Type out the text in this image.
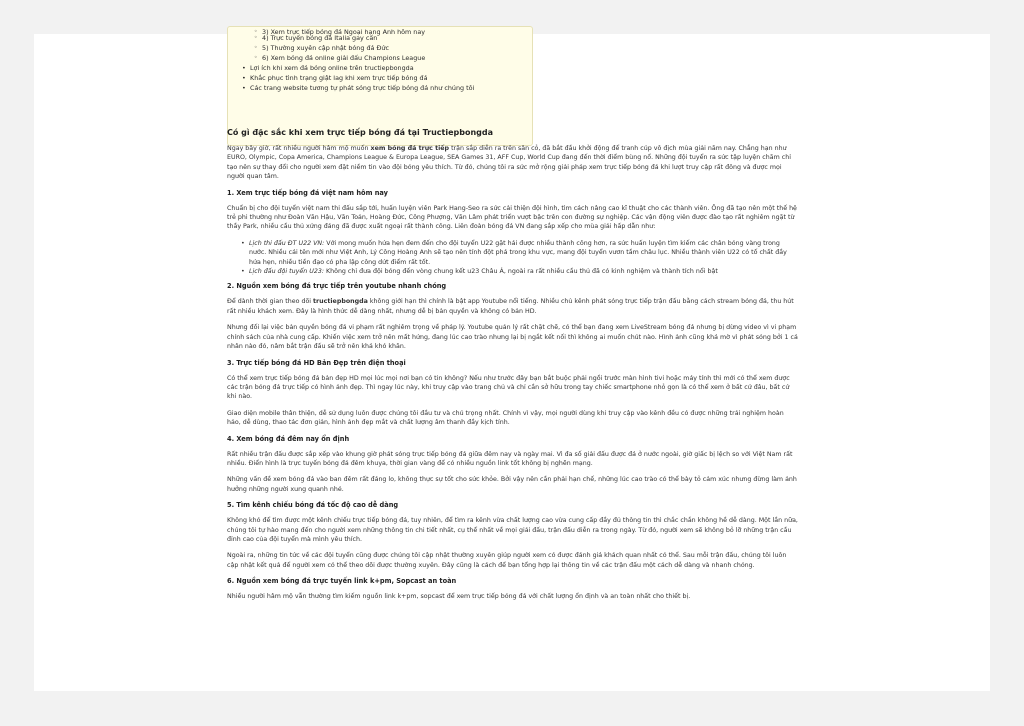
◦ 3) Xem trực tiếp bóng đá Ngoại hạng Anh hôm nay
◦ 4) Trực tuyến bóng đá Italia gay cấn
◦ 5) Thường xuyên cập nhật bóng đá Đức
◦ 6) Xem bóng đá online giải đấu Champions League
• Lợi ích khi xem đá bóng online trên tructiepbongda
• Khắc phục tình trạng giật lag khi xem trực tiếp bóng đá
• Các trang website tương tự phát sóng trực tiếp bóng đá như chúng tôi
Có gì đặc sắc khi xem trực tiếp bóng đá tại Tructiepbongda

Ngay bây giờ, rất nhiều người hâm mộ muốn xem bóng đá trực tiếp trận sắp diễn ra trên sân cỏ, đã bắt đầu khởi động để tranh cúp vô địch mùa giải năm nay. Chẳng hạn như EURO, Olympic, Copa America, Champions League & Europa League, SEA Games 31, AFF Cup, World Cup đang đến thời điểm bùng nổ. Những đội tuyển ra sức tập luyện chăm chỉ tạo nên sự thay đổi cho người xem đặt niềm tin vào đội bóng yêu thích. Từ đó, chúng tôi ra sức mở rộng giải pháp xem trực tiếp bóng đá khi lượt truy cập rất đông và được mọi người quan tâm.

1. Xem trực tiếp bóng đá việt nam hôm nay

Chuẩn bị cho đội tuyển việt nam thi đấu sắp tới, huấn luyện viên Park Hang-Seo ra sức cải thiện đội hình, tìm cách nâng cao kĩ thuật cho các thành viên. Ông đã tạo nên một thế hệ trẻ phi thường như Đoàn Văn Hậu, Văn Toản, Hoàng Đức, Công Phượng, Văn Lâm phát triển vượt bậc trên con đường sự nghiệp. Các vận động viên được đào tạo rất nghiêm ngặt từ thầy Park, nhiều cầu thủ xứng đáng đã được xuất ngoại rất thành công. Liên đoàn bóng đá VN đang sắp xếp cho mùa giải hấp dẫn như:

• Lịch thi đấu ĐT U22 VN: Với mong muốn hứa hẹn đem đến cho đội tuyển U22 gặt hái được nhiều thành công hơn, ra sức huấn luyện tìm kiếm các chân bóng vàng trong nước. Nhiều cái tên mới như Việt Anh, Lý Công Hoàng Anh sẽ tạo nên tính đột phá trong khu vực, mang đội tuyển vươn tầm châu lục. Nhiều thành viên U22 có tố chất đầy hứa hẹn, nhiều tiền đạo có pha lập công dứt điểm rất tốt.
• Lịch đấu đội tuyển U23: Không chỉ đưa đội bóng đến vòng chung kết u23 Châu Á, ngoài ra rất nhiều cầu thủ đã có kinh nghiệm và thành tích nổi bật
2. Nguồn xem bóng đá trực tiếp trên youtube nhanh chóng

Để dành thời gian theo dõi tructiepbongda không giới hạn thì chính là bật app Youtube nổi tiếng. Nhiều chủ kênh phát sóng trực tiếp trận đấu bằng cách stream bóng đá, thu hút rất nhiều khách xem. Đây là hình thức dễ dàng nhất, nhưng dễ bị bản quyền và không có bản HD.

Nhưng đối lại việc bản quyền bóng đá vi phạm rất nghiêm trọng về pháp lý. Youtube quản lý rất chặt chẽ, có thể bạn đang xem LiveStream bóng đá nhưng bị dừng video vì vi phạm chính sách của nhà cung cấp. Khiến việc xem trở nên mất hứng, đang lúc cao trào nhưng lại bị ngắt kết nối thì không ai muốn chút nào. Hình ảnh cũng khá mờ vì phát sóng bởi 1 cá nhân nào đó, nâm bắt trận đấu sẽ trở nên khá khó khăn.

3. Trực tiếp bóng đá HD Bản Đẹp trên điện thoại

Có thể xem trực tiếp bóng đá bản đẹp HD mọi lúc mọi nơi bạn có tin không? Nếu như trước đây bạn bắt buộc phải ngồi trước màn hình tivi hoặc máy tính thì mới có thể xem được các trận bóng đá trực tiếp có hình ảnh đẹp. Thì ngay lúc này, khi truy cập vào trang chủ và chỉ cần sở hữu trong tay chiếc smartphone nhỏ gọn là có thể xem ở bất cứ đâu, bất cứ khi nào.

Giao diện mobile thân thiện, dễ sử dụng luôn được chúng tôi đầu tư và chú trọng nhất. Chính vì vậy, mọi người dùng khi truy cập vào kênh đều có được những trải nghiệm hoàn hảo, dễ dùng, thao tác đơn giản, hình ảnh đẹp mắt và chất lượng âm thanh đầy kịch tính.

4. Xem bóng đá đêm nay ổn định

Rất nhiều trận đấu được sắp xếp vào khung giờ phát sóng trực tiếp bóng đá giữa đêm nay và ngày mai. Vì đa số giải đấu được đá ở nước ngoài, giờ giấc bị lệch so với Việt Nam rất nhiều. Điển hình là trực tuyến bóng đá đêm khuya, thời gian vàng để có nhiều nguồn link tốt không bị nghẽn mạng.

Những vấn đề xem bóng đá vào ban đêm rất đáng lo, không thực sự tốt cho sức khỏe. Bởi vậy nên cần phải hạn chế, những lúc cao trào có thể bày tỏ cảm xúc nhưng đừng làm ảnh hưởng những người xung quanh nhé.

5. Tìm kênh chiếu bóng đá tốc độ cao dễ dàng

Không khó để tìm được một kênh chiếu trực tiếp bóng đá, tuy nhiên, để tìm ra kênh vừa chất lượng cao vừa cung cấp đầy đủ thông tin thì chắc chắn không hề dễ dàng. Một lần nữa, chúng tôi tự hào mang đến cho người xem những thông tin chi tiết nhất, cụ thể nhất về mọi giải đấu, trận đấu diễn ra trong ngày. Từ đó, người xem sẽ không bỏ lỡ những trận cầu đỉnh cao của đội tuyển mà mình yêu thích.

Ngoài ra, những tin tức về các đội tuyển cũng được chúng tôi cập nhật thường xuyên giúp người xem có được đánh giá khách quan nhất có thể. Sau mỗi trận đấu, chúng tôi luôn cập nhật kết quả để người xem có thể theo dõi được thường xuyên. Đây cũng là cách để bạn tổng hợp lại thông tin về các trận đấu một cách dễ dàng và nhanh chóng.

6. Nguồn xem bóng đá trực tuyến link k+pm, Sopcast an toàn

Nhiều người hâm mộ vẫn thường tìm kiếm nguồn link k+pm, sopcast để xem trực tiếp bóng đá với chất lượng ổn định và an toàn nhất cho thiết bị.
